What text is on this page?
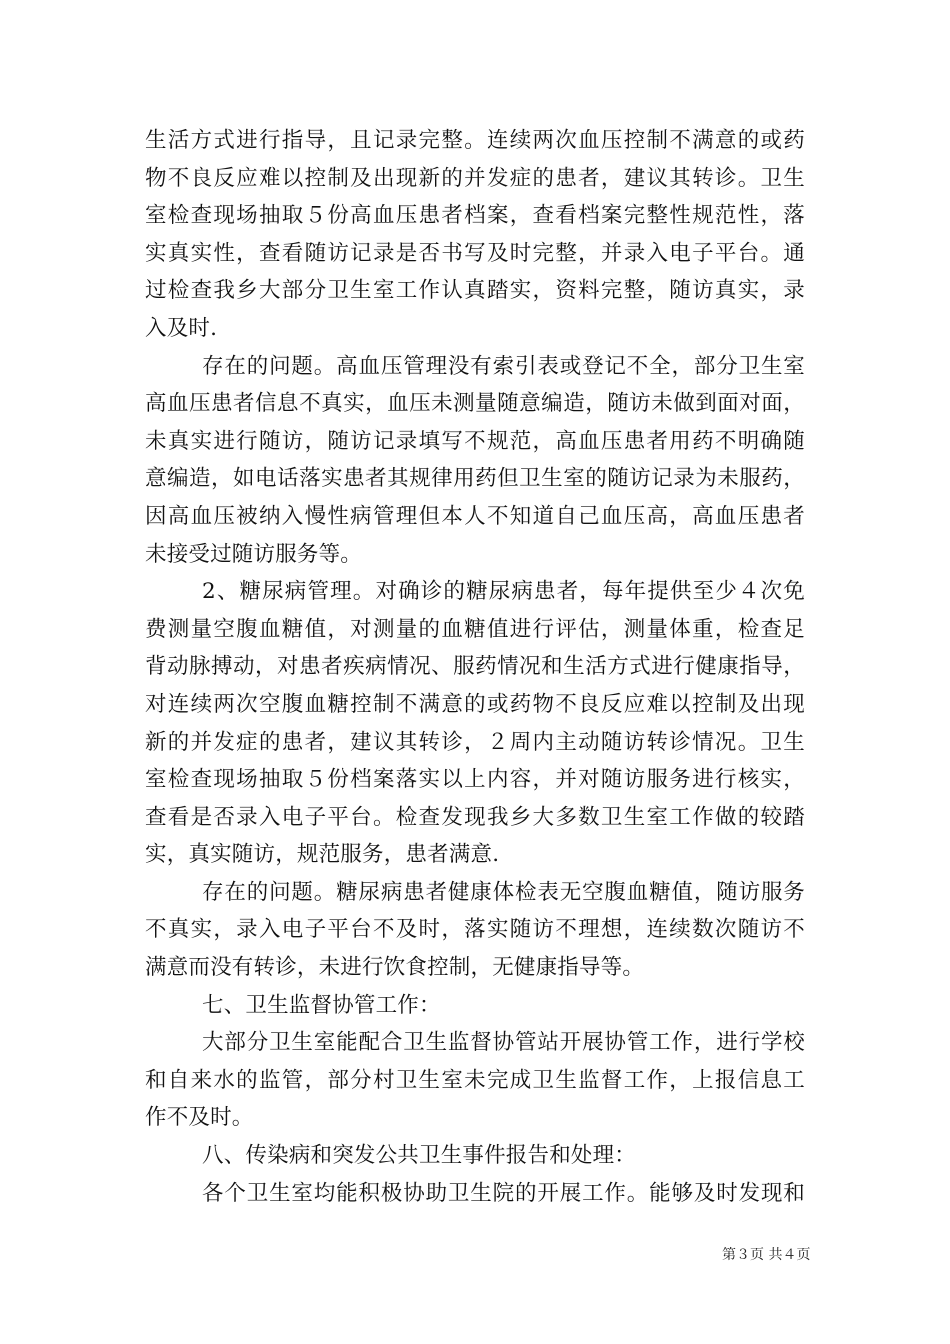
生活方式进行指导，且记录完整。连续两次血压控制不满意的或药
物不良反应难以控制及出现新的并发症的患者，建议其转诊。卫生
室检查现场抽取５份高血压患者档案，查看档案完整性规范性，落
实真实性，查看随访记录是否书写及时完整，并录入电子平台。通
过检查我乡大部分卫生室工作认真踏实，资料完整，随访真实，录
入及时.
存在的问题。高血压管理没有索引表或登记不全，部分卫生室
高血压患者信息不真实，血压未测量随意编造，随访未做到面对面，
未真实进行随访，随访记录填写不规范，高血压患者用药不明确随
意编造，如电话落实患者其规律用药但卫生室的随访记录为未服药，
因高血压被纳入慢性病管理但本人不知道自己血压高，高血压患者
未接受过随访服务等。
2、糖尿病管理。对确诊的糖尿病患者，每年提供至少４次免
费测量空腹血糖值，对测量的血糖值进行评估，测量体重，检查足
背动脉搏动，对患者疾病情况、服药情况和生活方式进行健康指导，
对连续两次空腹血糖控制不满意的或药物不良反应难以控制及出现
新的并发症的患者，建议其转诊，２周内主动随访转诊情况。卫生
室检查现场抽取５份档案落实以上内容，并对随访服务进行核实，
查看是否录入电子平台。检查发现我乡大多数卫生室工作做的较踏
实，真实随访，规范服务，患者满意.
存在的问题。糖尿病患者健康体检表无空腹血糖值，随访服务
不真实，录入电子平台不及时，落实随访不理想，连续数次随访不
满意而没有转诊，未进行饮食控制，无健康指导等。
七、卫生监督协管工作：
大部分卫生室能配合卫生监督协管站开展协管工作，进行学校
和自来水的监管，部分村卫生室未完成卫生监督工作，上报信息工
作不及时。
八、传染病和突发公共卫生事件报告和处理：
各个卫生室均能积极协助卫生院的开展工作。能够及时发现和
第３页 共４页
